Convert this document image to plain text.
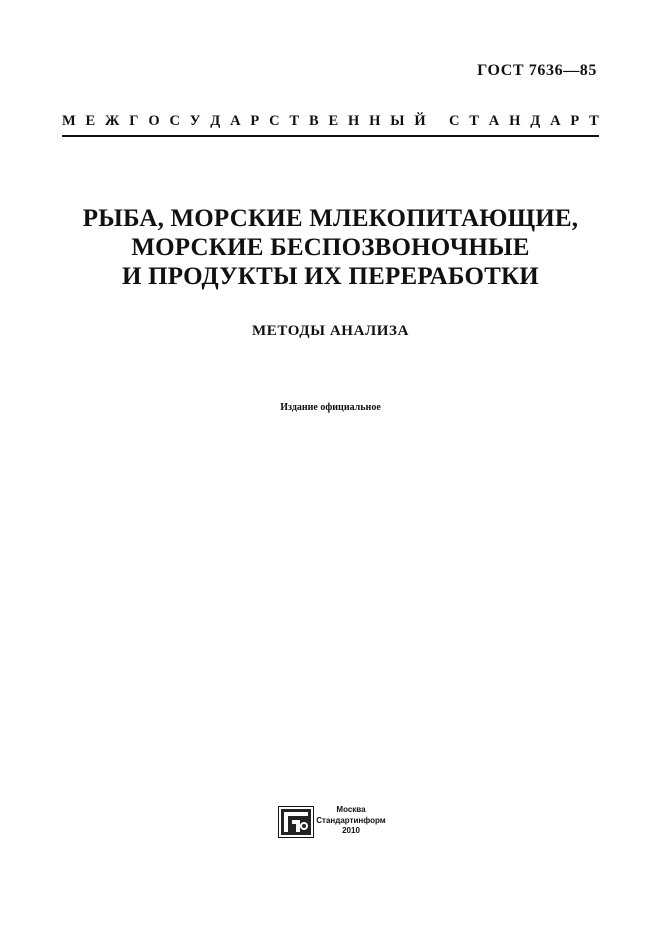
ГОСТ 7636—85
М Е Ж Г О С У Д А Р С Т В Е Н Н Ы Й
С Т А Н Д А Р Т
РЫБА, МОРСКИЕ МЛЕКОПИТАЮЩИЕ,
МОРСКИЕ БЕСПОЗВОНОЧНЫЕ
И ПРОДУКТЫ ИХ ПЕРЕРАБОТКИ
МЕТОДЫ АНАЛИЗА
Издание официальное
Москва
Стандартинформ
2010
